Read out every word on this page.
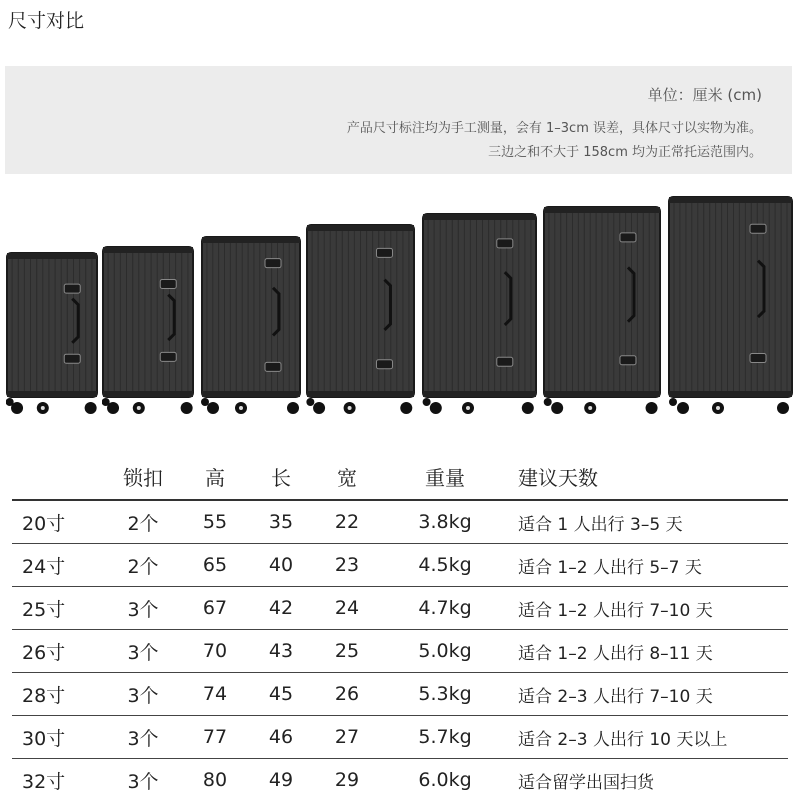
尺寸对比
单位：厘米 (cm)
产品尺寸标注均为手工测量，会有 1–3cm 误差，具体尺寸以实物为准。
三边之和不大于 158cm 均为正常托运范围内。
	锁扣	高	长	宽	重量	建议天数
20寸	2个	55	35	22	3.8kg	适合 1 人出行 3–5 天
24寸	2个	65	40	23	4.5kg	适合 1–2 人出行 5–7 天
25寸	3个	67	42	24	4.7kg	适合 1–2 人出行 7–10 天
26寸	3个	70	43	25	5.0kg	适合 1–2 人出行 8–11 天
28寸	3个	74	45	26	5.3kg	适合 2–3 人出行 7–10 天
30寸	3个	77	46	27	5.7kg	适合 2–3 人出行 10 天以上
32寸	3个	80	49	29	6.0kg	适合留学出国扫货
